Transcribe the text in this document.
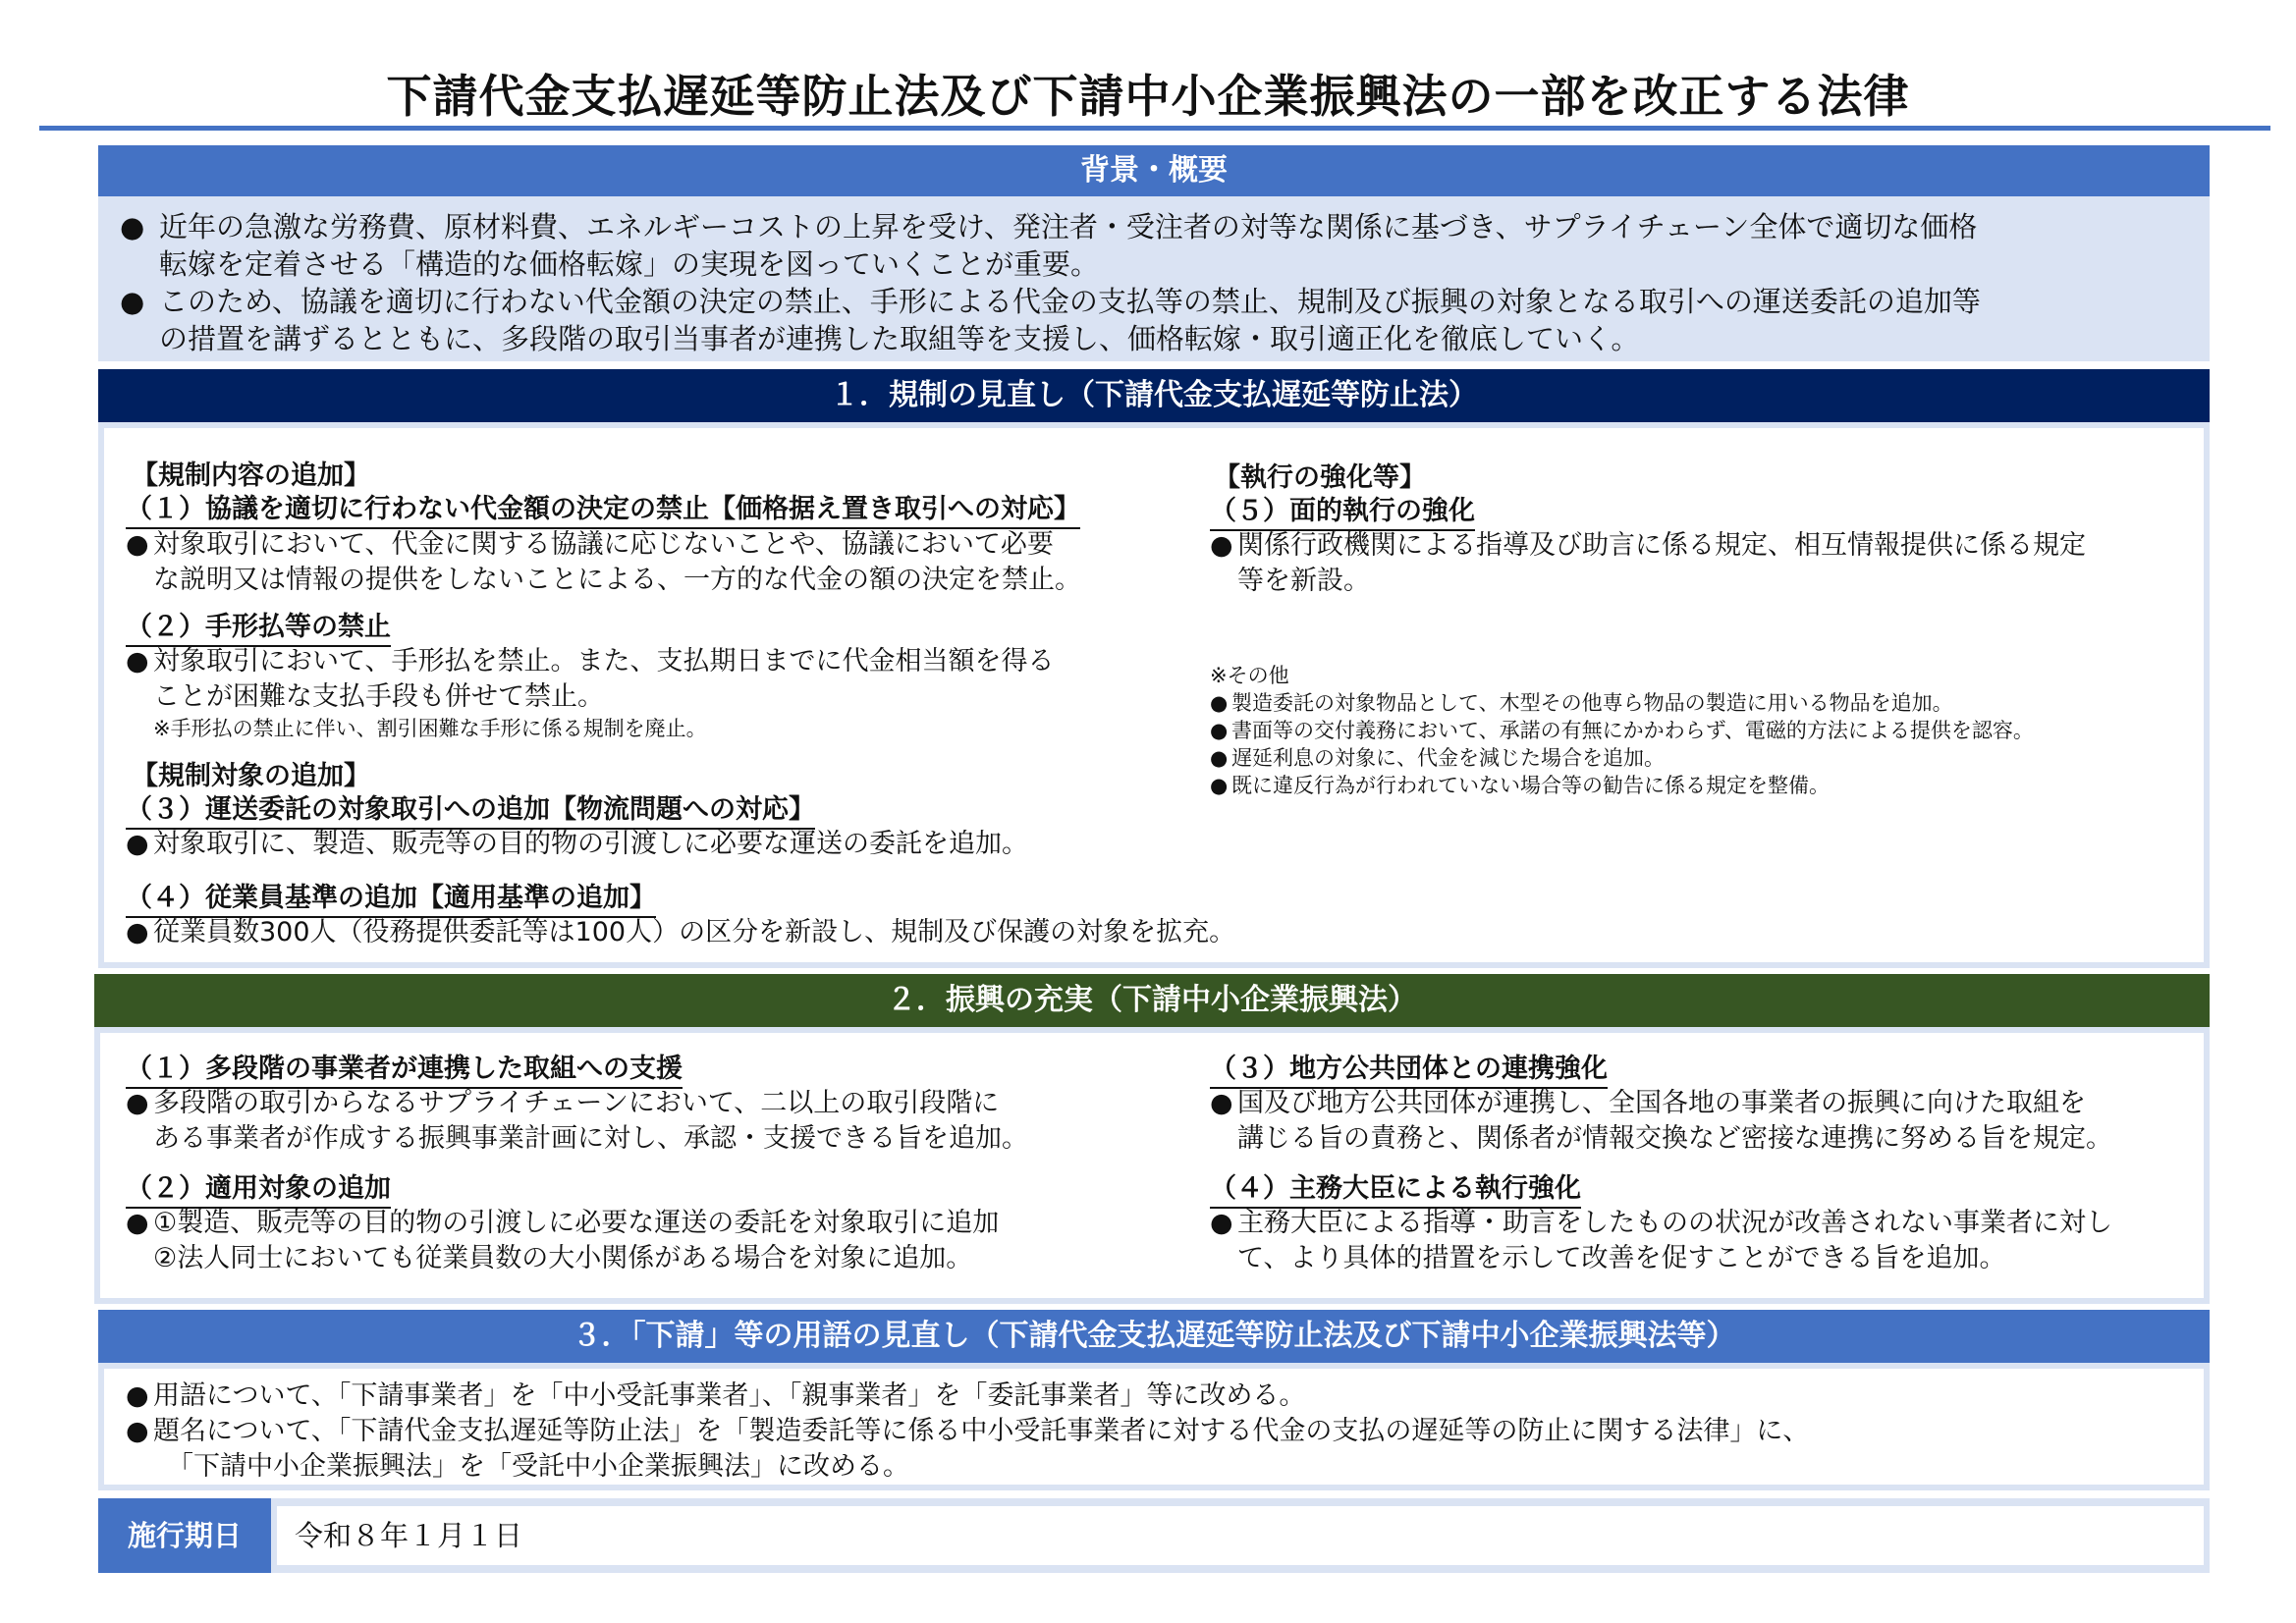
下請代金支払遅延等防止法及び下請中小企業振興法の一部を改正する法律
背景・概要
● 近年の急激な労務費、原材料費、エネルギーコストの上昇を受け、発注者・受注者の対等な関係に基づき、サプライチェーン全体で適切な価格
転嫁を定着させる「構造的な価格転嫁」の実現を図っていくことが重要。
● このため、協議を適切に行わない代金額の決定の禁止、手形による代金の支払等の禁止、規制及び振興の対象となる取引への運送委託の追加等
の措置を講ずるとともに、多段階の取引当事者が連携した取組等を支援し、価格転嫁・取引適正化を徹底していく。
１．規制の見直し（下請代金支払遅延等防止法）
【規制内容の追加】
（１）協議を適切に行わない代金額の決定の禁止【価格据え置き取引への対応】
● 対象取引において、代金に関する協議に応じないことや、協議において必要
な説明又は情報の提供をしないことによる、一方的な代金の額の決定を禁止。
（２）手形払等の禁止
● 対象取引において、手形払を禁止。また、支払期日までに代金相当額を得る
ことが困難な支払手段も併せて禁止。
※手形払の禁止に伴い、割引困難な手形に係る規制を廃止。
【規制対象の追加】
（３）運送委託の対象取引への追加【物流問題への対応】
● 対象取引に、製造、販売等の目的物の引渡しに必要な運送の委託を追加。
（４）従業員基準の追加【適用基準の追加】
● 従業員数300人（役務提供委託等は100人）の区分を新設し、規制及び保護の対象を拡充。
【執行の強化等】
（５）面的執行の強化
● 関係行政機関による指導及び助言に係る規定、相互情報提供に係る規定
等を新設。
※その他
● 製造委託の対象物品として、木型その他専ら物品の製造に用いる物品を追加。
● 書面等の交付義務において、承諾の有無にかかわらず、電磁的方法による提供を認容。
● 遅延利息の対象に、代金を減じた場合を追加。
● 既に違反行為が行われていない場合等の勧告に係る規定を整備。
２．振興の充実（下請中小企業振興法）
（１）多段階の事業者が連携した取組への支援
● 多段階の取引からなるサプライチェーンにおいて、二以上の取引段階に
ある事業者が作成する振興事業計画に対し、承認・支援できる旨を追加。
（２）適用対象の追加
● ①製造、販売等の目的物の引渡しに必要な運送の委託を対象取引に追加
②法人同士においても従業員数の大小関係がある場合を対象に追加。
（３）地方公共団体との連携強化
● 国及び地方公共団体が連携し、全国各地の事業者の振興に向けた取組を
講じる旨の責務と、関係者が情報交換など密接な連携に努める旨を規定。
（４）主務大臣による執行強化
● 主務大臣による指導・助言をしたものの状況が改善されない事業者に対し
て、より具体的措置を示して改善を促すことができる旨を追加。
３．「下請」等の用語の見直し（下請代金支払遅延等防止法及び下請中小企業振興法等）
● 用語について、「下請事業者」を「中小受託事業者」、「親事業者」を「委託事業者」等に改める。
● 題名について、「下請代金支払遅延等防止法」を「製造委託等に係る中小受託事業者に対する代金の支払の遅延等の防止に関する法律」に、
「下請中小企業振興法」を「受託中小企業振興法」に改める。
施行期日	令和８年１月１日
